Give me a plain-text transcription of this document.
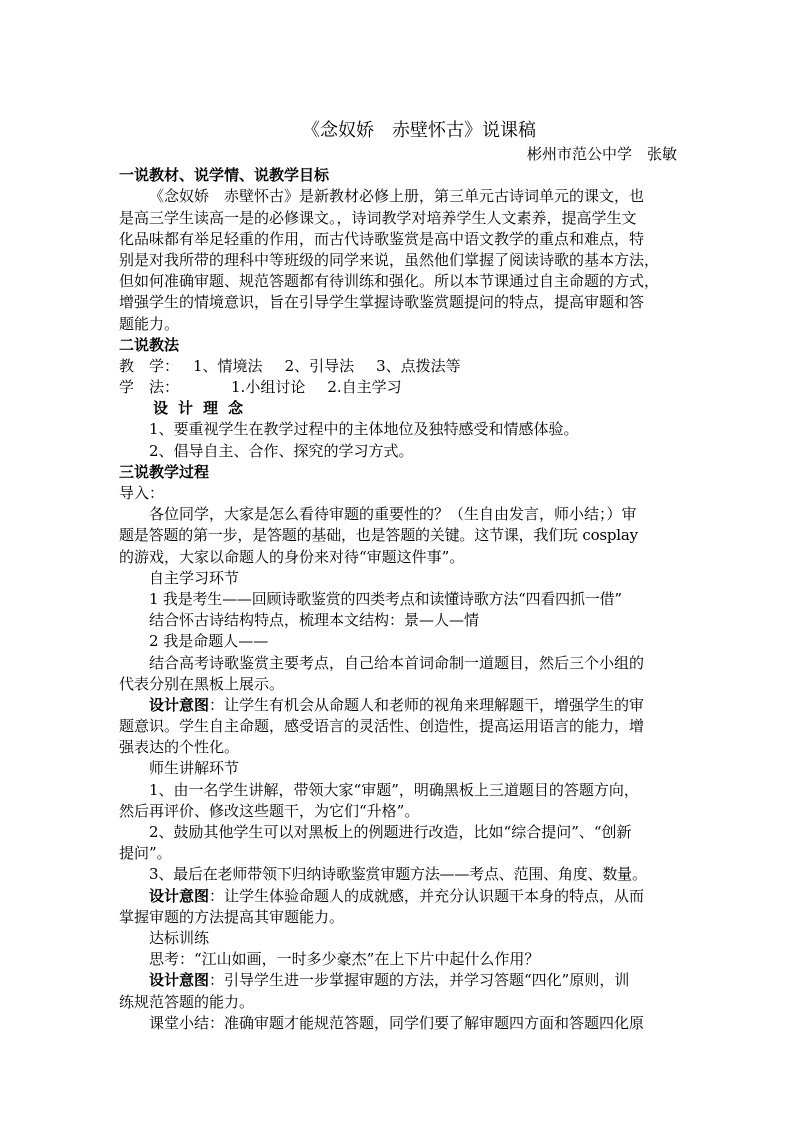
《念奴娇　赤壁怀古》说课稿
彬州市范公中学　张敏
一说教材、说学情、说教学目标
《念奴娇　赤壁怀古》是新教材必修上册，第三单元古诗词单元的课文，也
是高三学生读高一是的必修课文。，诗词教学对培养学生人文素养，提高学生文
化品味都有举足轻重的作用，而古代诗歌鉴赏是高中语文教学的重点和难点，特
别是对我所带的理科中等班级的同学来说，虽然他们掌握了阅读诗歌的基本方法，
但如何准确审题、规范答题都有待训练和强化。所以本节课通过自主命题的方式，
增强学生的情境意识，旨在引导学生掌握诗歌鉴赏题提问的特点，提高审题和答
题能力。
二说教法
教　学： 1、情境法 2、引导法 3、点拨法等
学　法：	1.小组讨论 2.自主学习
设计理念
1、要重视学生在教学过程中的主体地位及独特感受和情感体验。
2、倡导自主、合作、探究的学习方式。
三说教学过程
导入：
各位同学，大家是怎么看待审题的重要性的？（生自由发言，师小结；）审
题是答题的第一步，是答题的基础，也是答题的关键。这节课，我们玩 cosplay
的游戏，大家以命题人的身份来对待“审题这件事”。
自主学习环节
1 我是考生——回顾诗歌鉴赏的四类考点和读懂诗歌方法“四看四抓一借”
结合怀古诗结构特点，梳理本文结构：景—人—情
2 我是命题人——
结合高考诗歌鉴赏主要考点，自己给本首词命制一道题目，然后三个小组的
代表分别在黑板上展示。
设计意图：让学生有机会从命题人和老师的视角来理解题干，增强学生的审
题意识。学生自主命题，感受语言的灵活性、创造性，提高运用语言的能力，增
强表达的个性化。
师生讲解环节
1、由一名学生讲解，带领大家“审题”，明确黑板上三道题目的答题方向，
然后再评价、修改这些题干，为它们“升格”。
2、鼓励其他学生可以对黑板上的例题进行改造，比如“综合提问”、“创新
提问”。
3、最后在老师带领下归纳诗歌鉴赏审题方法——考点、范围、角度、数量。
设计意图：让学生体验命题人的成就感，并充分认识题干本身的特点，从而
掌握审题的方法提高其审题能力。
达标训练
思考：“江山如画，一时多少豪杰”在上下片中起什么作用？
设计意图：引导学生进一步掌握审题的方法，并学习答题“四化”原则，训
练规范答题的能力。
课堂小结：准确审题才能规范答题，同学们要了解审题四方面和答题四化原
